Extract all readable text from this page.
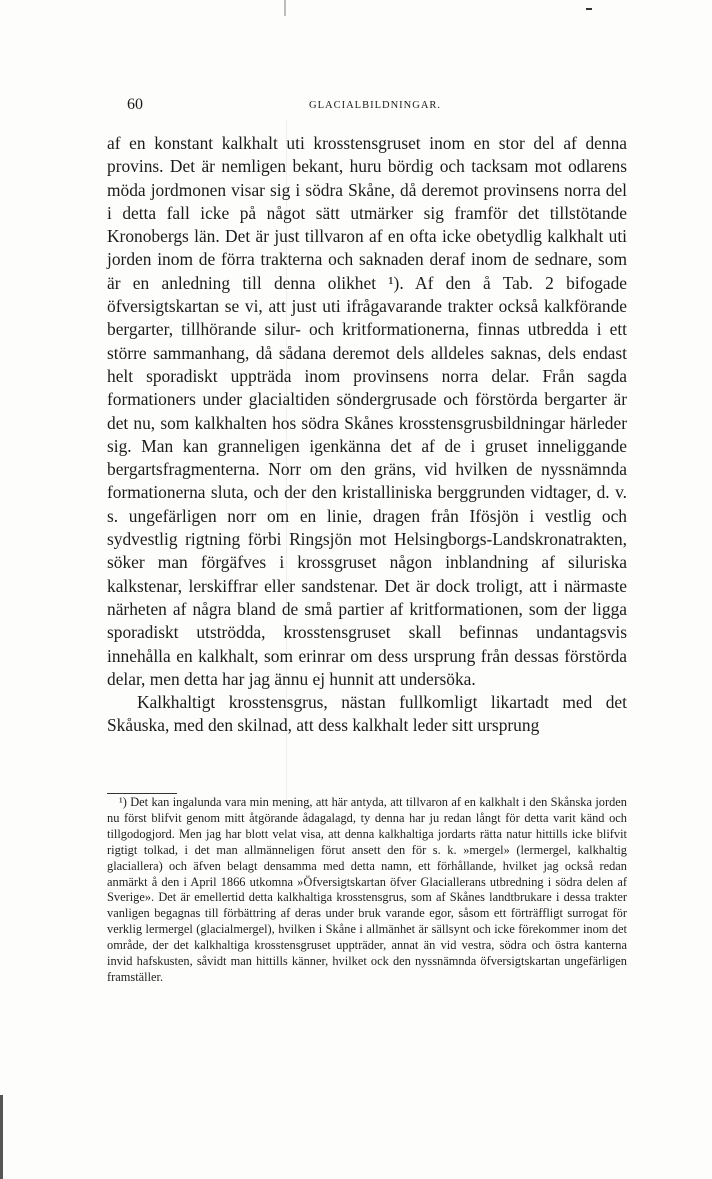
60	GLACIALBILDNINGAR.

af en konstant kalkhalt uti krosstensgruset inom en stor del af denna provins. Det är nemligen bekant, huru bördig och tacksam mot odlarens möda jordmonen visar sig i södra Skåne, då deremot provinsens norra del i detta fall icke på något sätt utmärker sig framför det tillstötande Kronobergs län. Det är just tillvaron af en ofta icke obetydlig kalkhalt uti jorden inom de förra trakterna och saknaden deraf inom de sednare, som är en anledning till denna olikhet ¹). Af den å Tab. 2 bifogade öfversigtskartan se vi, att just uti ifrågavarande trakter också kalkförande bergarter, tillhörande silur- och kritformationerna, finnas utbredda i ett större sammanhang, då sådana deremot dels alldeles saknas, dels endast helt sporadiskt uppträda inom provinsens norra delar. Från sagda formationers under glacialtiden söndergrusade och förstörda bergarter är det nu, som kalkhalten hos södra Skånes krosstensgrusbildningar härleder sig. Man kan granneligen igenkänna det af de i gruset inneliggande bergartsfragmenterna. Norr om den gräns, vid hvilken de nyssnämnda formationerna sluta, och der den kristalliniska berggrunden vidtager, d. v. s. ungefärligen norr om en linie, dragen från Ifösjön i vestlig och sydvestlig rigtning förbi Ringsjön mot Helsingborgs-Landskronatrakten, söker man förgäfves i krossgruset någon inblandning af siluriska kalkstenar, lerskiffrar eller sandstenar. Det är dock troligt, att i närmaste närheten af några bland de små partier af kritformationen, som der ligga sporadiskt utströdda, krosstensgruset skall befinnas undantagsvis innehålla en kalkhalt, som erinrar om dess ursprung från dessas förstörda delar, men detta har jag ännu ej hunnit att undersöka.

Kalkhaltigt krosstensgrus, nästan fullkomligt likartadt med det Skåuska, med den skilnad, att dess kalkhalt leder sitt ursprung

¹) Det kan ingalunda vara min mening, att här antyda, att tillvaron af en kalkhalt i den Skånska jorden nu först blifvit genom mitt åtgörande ådagalagd, ty denna har ju redan långt för detta varit känd och tillgodogjord. Men jag har blott velat visa, att denna kalkhaltiga jordarts rätta natur hittills icke blifvit rigtigt tolkad, i det man allmänneligen förut ansett den för s. k. »mergel» (lermergel, kalkhaltig glaciallera) och äfven belagt densamma med detta namn, ett förhållande, hvilket jag också redan anmärkt å den i April 1866 utkomna »Öfversigtskartan öfver Glaciallerans utbredning i södra delen af Sverige». Det är emellertid detta kalkhaltiga krosstensgrus, som af Skånes landtbrukare i dessa trakter vanligen begagnas till förbättring af deras under bruk varande egor, såsom ett förträffligt surrogat för verklig lermergel (glacialmergel), hvilken i Skåne i allmänhet är sällsynt och icke förekommer inom det område, der det kalkhaltiga krosstensgruset uppträder, annat än vid vestra, södra och östra kanterna invid hafskusten, såvidt man hittills känner, hvilket ock den nyssnämnda öfversigtskartan ungefärligen framställer.
